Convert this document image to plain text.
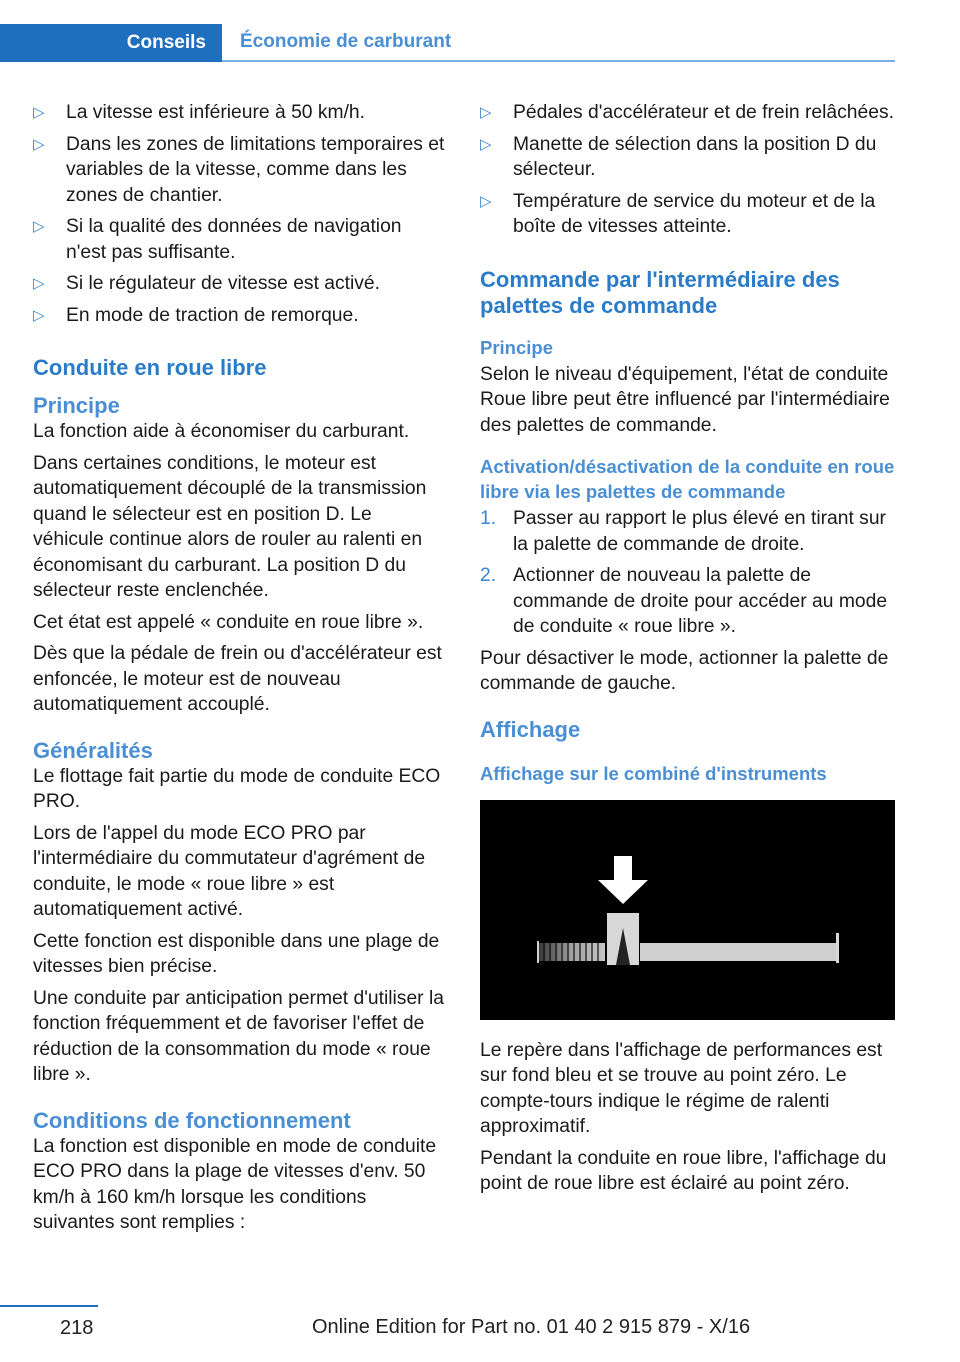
Conseils Économie de carburant
▷ La vitesse est inférieure à 50 km/h.
▷ Dans les zones de limitations temporaires et variables de la vitesse, comme dans les zones de chantier.
▷ Si la qualité des données de navigation n'est pas suffisante.
▷ Si le régulateur de vitesse est activé.
▷ En mode de traction de remorque.
Conduite en roue libre
Principe

La fonction aide à économiser du carburant.

Dans certaines conditions, le moteur est automatiquement découplé de la transmission quand le sélecteur est en position D. Le véhicule continue alors de rouler au ralenti en économisant du carburant. La position D du sélecteur reste enclenchée.

Cet état est appelé « conduite en roue libre ».

Dès que la pédale de frein ou d'accélérateur est enfoncée, le moteur est de nouveau automatiquement accouplé.

Généralités

Le flottage fait partie du mode de conduite ECO PRO.

Lors de l'appel du mode ECO PRO par l'intermédiaire du commutateur d'agrément de conduite, le mode « roue libre » est automatiquement activé.

Cette fonction est disponible dans une plage de vitesses bien précise.

Une conduite par anticipation permet d'utiliser la fonction fréquemment et de favoriser l'effet de réduction de la consommation du mode « roue libre ».

Conditions de fonctionnement

La fonction est disponible en mode de conduite ECO PRO dans la plage de vitesses d'env. 50 km/h à 160 km/h lorsque les conditions suivantes sont remplies :

▷ Pédales d'accélérateur et de frein relâchées.
▷ Manette de sélection dans la position D du sélecteur.
▷ Température de service du moteur et de la boîte de vitesses atteinte.
Commande par l'intermédiaire des palettes de commande
Principe

Selon le niveau d'équipement, l'état de conduite Roue libre peut être influencé par l'intermédiaire des palettes de commande.

Activation/désactivation de la conduite en roue libre via les palettes de commande
1. Passer au rapport le plus élevé en tirant sur la palette de commande de droite.
2. Actionner de nouveau la palette de commande de droite pour accéder au mode de conduite « roue libre ».

Pour désactiver le mode, actionner la palette de commande de gauche.

Affichage
Affichage sur le combiné d'instruments

Le repère dans l'affichage de performances est sur fond bleu et se trouve au point zéro. Le compte-tours indique le régime de ralenti approximatif.

Pendant la conduite en roue libre, l'affichage du point de roue libre est éclairé au point zéro.

218	Online Edition for Part no. 01 40 2 915 879 - X/16
